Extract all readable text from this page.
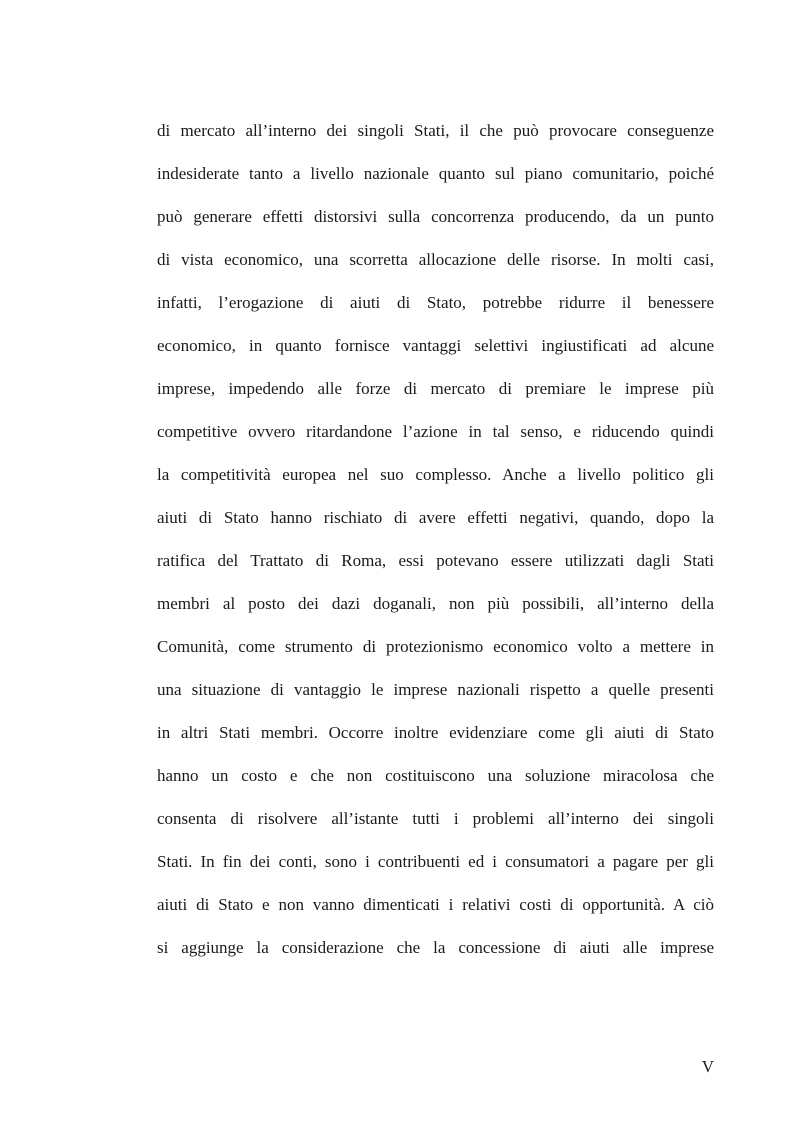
di mercato all’interno dei singoli Stati, il che può provocare conseguenze
indesiderate tanto a livello nazionale quanto sul piano comunitario, poiché
può generare effetti distorsivi sulla concorrenza producendo, da un punto
di vista economico, una scorretta allocazione delle risorse. In molti casi,
infatti, l’erogazione di aiuti di Stato, potrebbe ridurre il benessere
economico, in quanto fornisce vantaggi selettivi ingiustificati ad alcune
imprese, impedendo alle forze di mercato di premiare le imprese più
competitive ovvero ritardandone l’azione in tal senso, e riducendo quindi
la competitività europea nel suo complesso. Anche a livello politico gli
aiuti di Stato hanno rischiato di avere effetti negativi, quando, dopo la
ratifica del Trattato di Roma, essi potevano essere utilizzati dagli Stati
membri al posto dei dazi doganali, non più possibili, all’interno della
Comunità, come strumento di protezionismo economico volto a mettere in
una situazione di vantaggio le imprese nazionali rispetto a quelle presenti
in altri Stati membri. Occorre inoltre evidenziare come gli aiuti di Stato
hanno un costo e che non costituiscono una soluzione miracolosa che
consenta di risolvere all’istante tutti i problemi all’interno dei singoli
Stati. In fin dei conti, sono i contribuenti ed i consumatori a pagare per gli
aiuti di Stato e non vanno dimenticati i relativi costi di opportunità. A ciò
si aggiunge la considerazione che la concessione di aiuti alle imprese
V
